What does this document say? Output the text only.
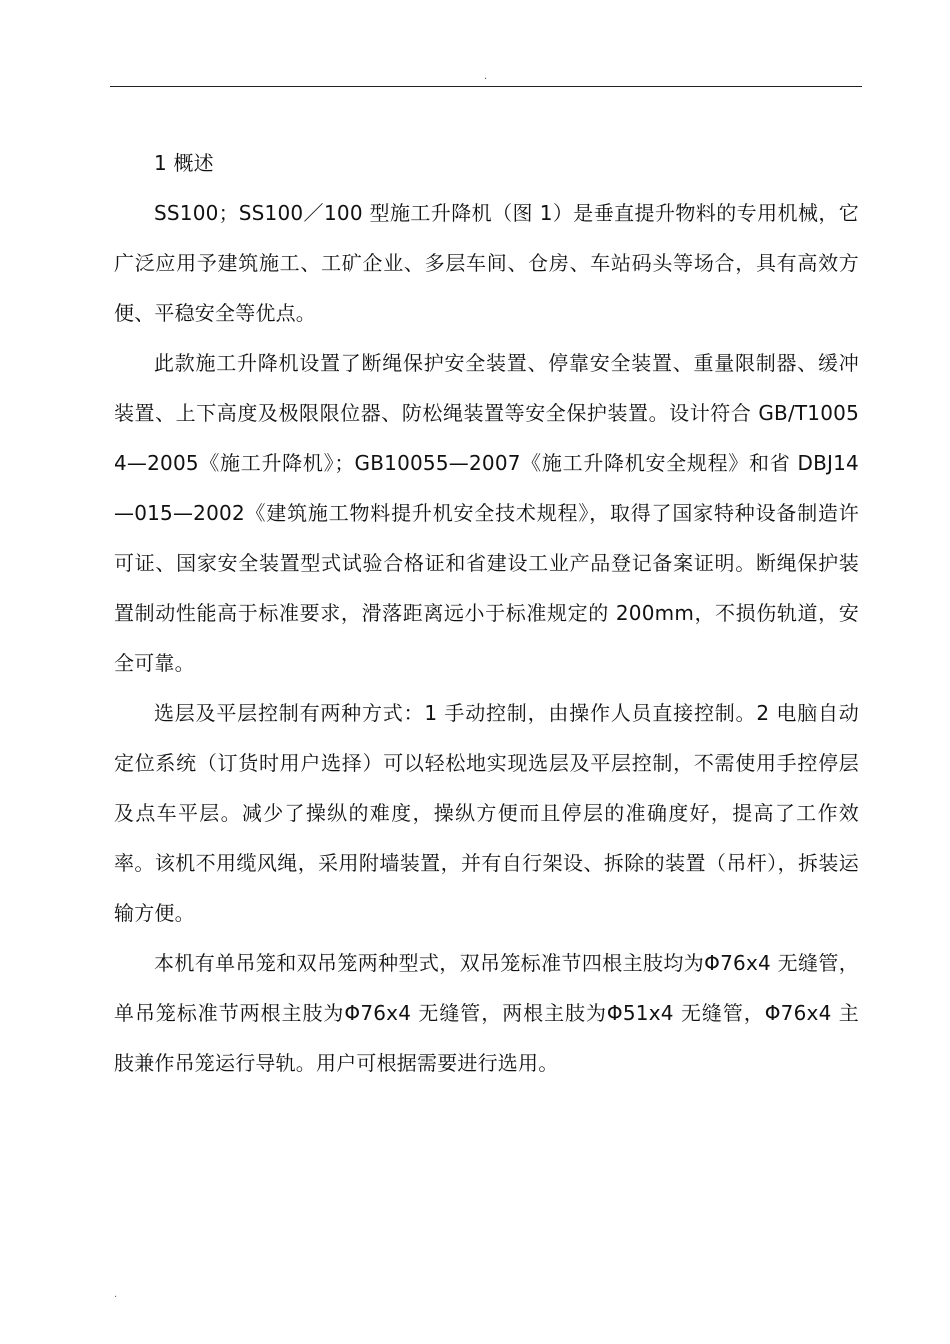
.

1 概述

SS100；SS100／100 型施工升降机（图 1）是垂直提升物料的专用机械，它广泛应用予建筑施工、工矿企业、多层车间、仓房、车站码头等场合，具有高效方便、平稳安全等优点。

此款施工升降机设置了断绳保护安全装置、停靠安全装置、重量限制器、缓冲装置、上下高度及极限限位器、防松绳装置等安全保护装置。设计符合 GB/T10054—2005《施工升降机》；GB10055—2007《施工升降机安全规程》和省 DBJ14—015—2002《建筑施工物料提升机安全技术规程》，取得了国家特种设备制造许可证、国家安全装置型式试验合格证和省建设工业产品登记备案证明。断绳保护装置制动性能高于标准要求，滑落距离远小于标准规定的 200mm，不损伤轨道，安全可靠。

选层及平层控制有两种方式：1 手动控制，由操作人员直接控制。2 电脑自动定位系统（订货时用户选择）可以轻松地实现选层及平层控制，不需使用手控停层及点车平层。减少了操纵的难度，操纵方便而且停层的准确度好，提高了工作效率。该机不用缆风绳，采用附墙装置，并有自行架设、拆除的装置（吊杆），拆装运输方便。

本机有单吊笼和双吊笼两种型式，双吊笼标准节四根主肢均为Φ76x4 无缝管，单吊笼标准节两根主肢为Φ76x4 无缝管，两根主肢为Φ51x4 无缝管，Φ76x4 主肢兼作吊笼运行导轨。用户可根据需要进行选用。

.
